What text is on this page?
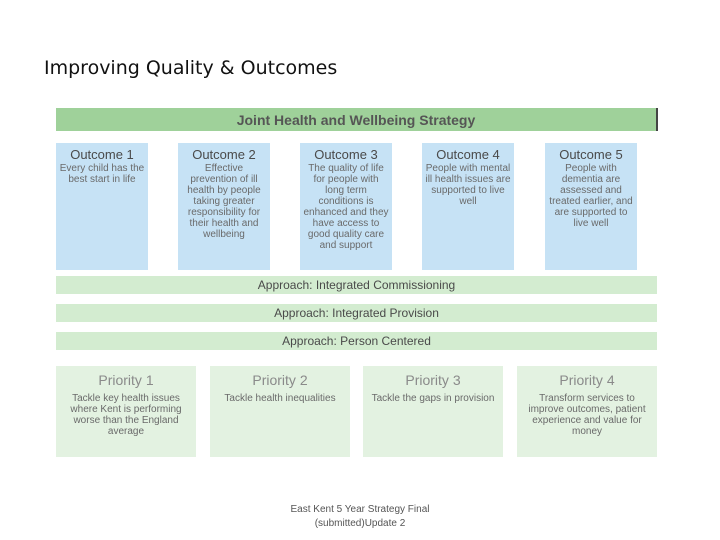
Improving Quality & Outcomes
Joint Health and Wellbeing Strategy
Outcome 1
Every child has the best start in life
Outcome 2
Effective prevention of ill health by people taking greater responsibility for their health and wellbeing
Outcome 3
The quality of life for people with long term conditions is enhanced and they have access to good quality care and support
Outcome 4
People with mental ill health issues are supported to live well
Outcome 5
People with dementia are assessed and treated earlier, and are supported to live well
Approach: Integrated Commissioning
Approach: Integrated Provision
Approach: Person Centered
Priority 1
Tackle key health issues where Kent is performing worse than the England average
Priority 2
Tackle health inequalities
Priority 3
Tackle the gaps in provision
Priority 4
Transform services to improve outcomes, patient experience and value for money
East Kent 5 Year Strategy Final
(submitted)Update 2
